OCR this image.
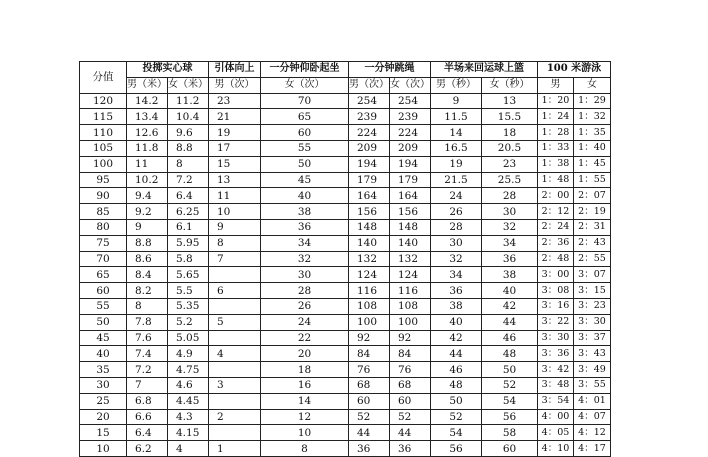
分值	投掷实心球		引体向上	一分钟仰卧起坐	一分钟跳绳		半场来回运球上篮		100 米游泳	
	男（米）	女（米）	男（次）	女（次）	男（次）	女（次）	男（秒）	女（秒）	男	女
120	14.2	11.2	23	70	254	254	9	13	1：20	1：29
115	13.4	10.4	21	65	239	239	11.5	15.5	1：24	1：32
110	12.6	9.6	19	60	224	224	14	18	1：28	1：35
105	11.8	8.8	17	55	209	209	16.5	20.5	1：33	1：40
100	11	8	15	50	194	194	19	23	1：38	1：45
95	10.2	7.2	13	45	179	179	21.5	25.5	1：48	1：55
90	9.4	6.4	11	40	164	164	24	28	2：00	2：07
85	9.2	6.25	10	38	156	156	26	30	2：12	2：19
80	9	6.1	9	36	148	148	28	32	2：24	2：31
75	8.8	5.95	8	34	140	140	30	34	2：36	2：43
70	8.6	5.8	7	32	132	132	32	36	2：48	2：55
65	8.4	5.65		30	124	124	34	38	3：00	3：07
60	8.2	5.5	6	28	116	116	36	40	3：08	3：15
55	8	5.35		26	108	108	38	42	3：16	3：23
50	7.8	5.2	5	24	100	100	40	44	3：22	3：30
45	7.6	5.05		22	92	92	42	46	3：30	3：37
40	7.4	4.9	4	20	84	84	44	48	3：36	3：43
35	7.2	4.75		18	76	76	46	50	3：42	3：49
30	7	4.6	3	16	68	68	48	52	3：48	3：55
25	6.8	4.45		14	60	60	50	54	3：54	4：01
20	6.6	4.3	2	12	52	52	52	56	4：00	4：07
15	6.4	4.15		10	44	44	54	58	4：05	4：12
10	6.2	4	1	8	36	36	56	60	4：10	4：17
